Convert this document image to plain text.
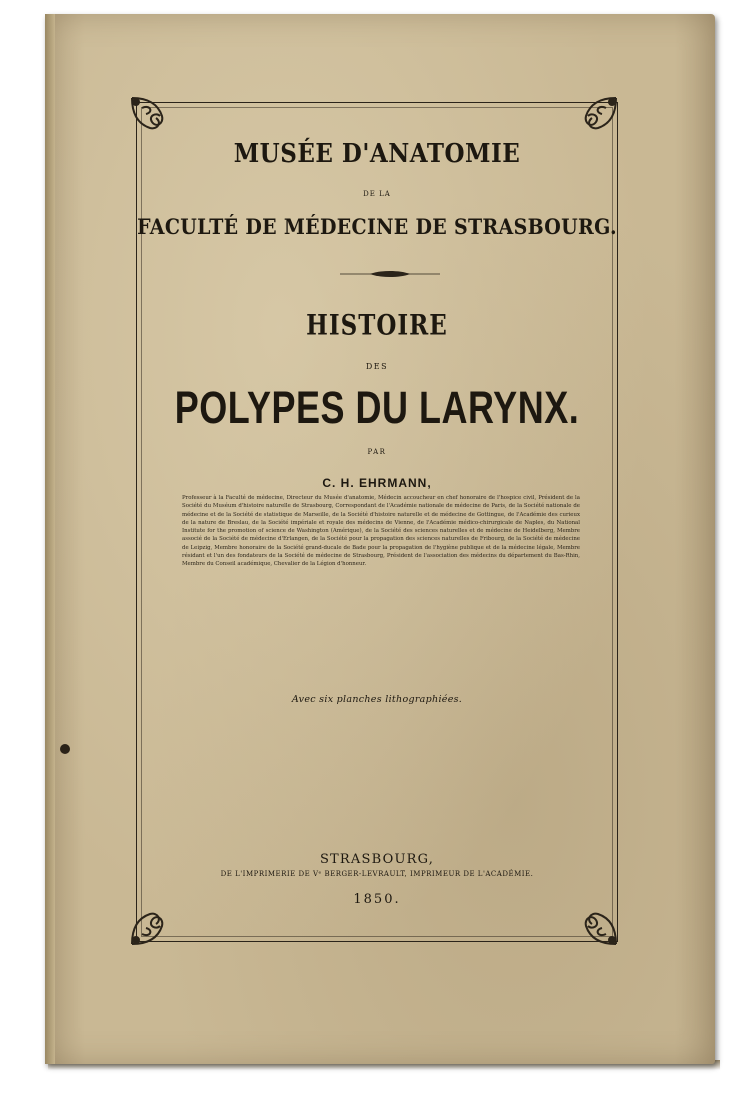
MUSÉE D'ANATOMIE
DE LA
FACULTÉ DE MÉDECINE DE STRASBOURG.
HISTOIRE
DES
POLYPES DU LARYNX.
PAR
C. H. EHRMANN,
Professeur à la Faculté de médecine, Directeur du Musée d'anatomie, Médecin accoucheur en chef honoraire de l'hospice civil, Président de la Société du Muséum d'histoire naturelle de Strasbourg, Correspondant de l'Académie nationale de médecine de Paris, de la Société nationale de médecine et de la Société de statistique de Marseille, de la Société d'histoire naturelle et de médecine de Gottingue, de l'Académie des curieux de la nature de Breslau, de la Société impériale et royale des médecins de Vienne, de l'Académie médico-chirurgicale de Naples, du National Institute for the promotion of science de Washington (Amérique), de la Société des sciences naturelles et de médecine de Heidelberg, Membre associé de la Société de médecine d'Erlangen, de la Société pour la propagation des sciences naturelles de Fribourg, de la Société de médecine de Leipzig, Membre honoraire de la Société grand-ducale de Bade pour la propagation de l'hygiène publique et de la médecine légale, Membre résidant et l'un des fondateurs de la Société de médecine de Strasbourg, Président de l'association des médecins du département du Bas-Rhin, Membre du Conseil académique, Chevalier de la Légion d'honneur.
Avec six planches lithographiées.
STRASBOURG,
DE L'IMPRIMERIE DE Vᵉ BERGER-LEVRAULT, IMPRIMEUR DE L'ACADÉMIE.
1850.
